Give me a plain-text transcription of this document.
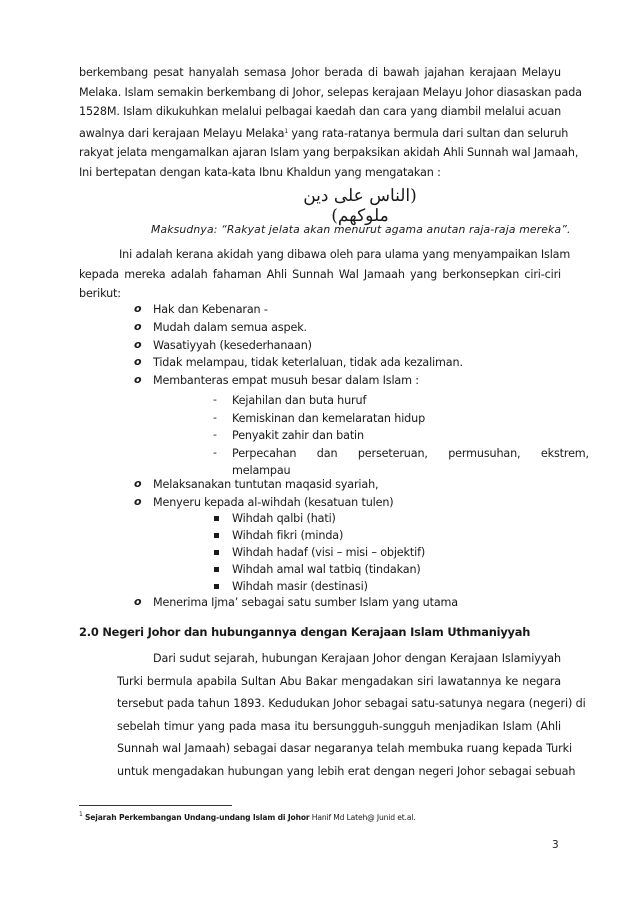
berkembang pesat hanyalah semasa Johor berada di bawah jajahan kerajaan Melayu
Melaka. Islam semakin berkembang di Johor, selepas kerajaan Melayu Johor diasaskan pada
1528M. Islam dikukuhkan melalui pelbagai kaedah dan cara yang diambil melalui acuan
awalnya dari kerajaan Melayu Melaka$^1$ yang rata-ratanya bermula dari sultan dan seluruh
rakyat jelata mengamalkan ajaran Islam yang berpaksikan akidah Ahli Sunnah wal Jamaah,
Ini bertepatan dengan kata-kata Ibnu Khaldun yang mengatakan :
(الناس على دين ملوكهم)
Maksudnya: “Rakyat jelata akan menurut agama anutan raja-raja mereka”.
Ini adalah kerana akidah yang dibawa oleh para ulama yang menyampaikan Islam
kepada mereka adalah fahaman Ahli Sunnah Wal Jamaah yang berkonsepkan ciri-ciri
berikut:
o Hak dan Kebenaran -
o Mudah dalam semua aspek.
o Wasatiyyah (kesederhanaan)
o Tidak melampau, tidak keterlaluan, tidak ada kezaliman.
o Membanteras empat musuh besar dalam Islam :
- Kejahilan dan buta huruf
- Kemiskinan dan kemelaratan hidup
- Penyakit zahir dan batin
- Perpecahan      dan      perseteruan,      permusuhan,      ekstrem,
melampau
o Melaksanakan tuntutan maqasid syariah,
o Menyeru kepada al-wihdah (kesatuan tulen)
Wihdah qalbi (hati)
Wihdah fikri (minda)
Wihdah hadaf (visi – misi – objektif)
Wihdah amal wal tatbiq (tindakan)
Wihdah masir (destinasi)
o Menerima Ijma’ sebagai satu sumber Islam yang utama
2.0 Negeri Johor dan hubungannya dengan Kerajaan Islam Uthmaniyyah
Dari sudut sejarah, hubungan Kerajaan Johor dengan Kerajaan Islamiyyah
Turki bermula apabila Sultan Abu Bakar mengadakan siri lawatannya ke negara
tersebut pada tahun 1893. Kedudukan Johor sebagai satu-satunya negara (negeri) di
sebelah timur yang pada masa itu bersungguh-sungguh menjadikan Islam (Ahli
Sunnah wal Jamaah) sebagai dasar negaranya telah membuka ruang kepada Turki
untuk mengadakan hubungan yang lebih erat dengan negeri Johor sebagai sebuah
$^1$ Sejarah Perkembangan Undang-undang Islam di Johor Hanif Md Lateh@ Junid et.al.
3
